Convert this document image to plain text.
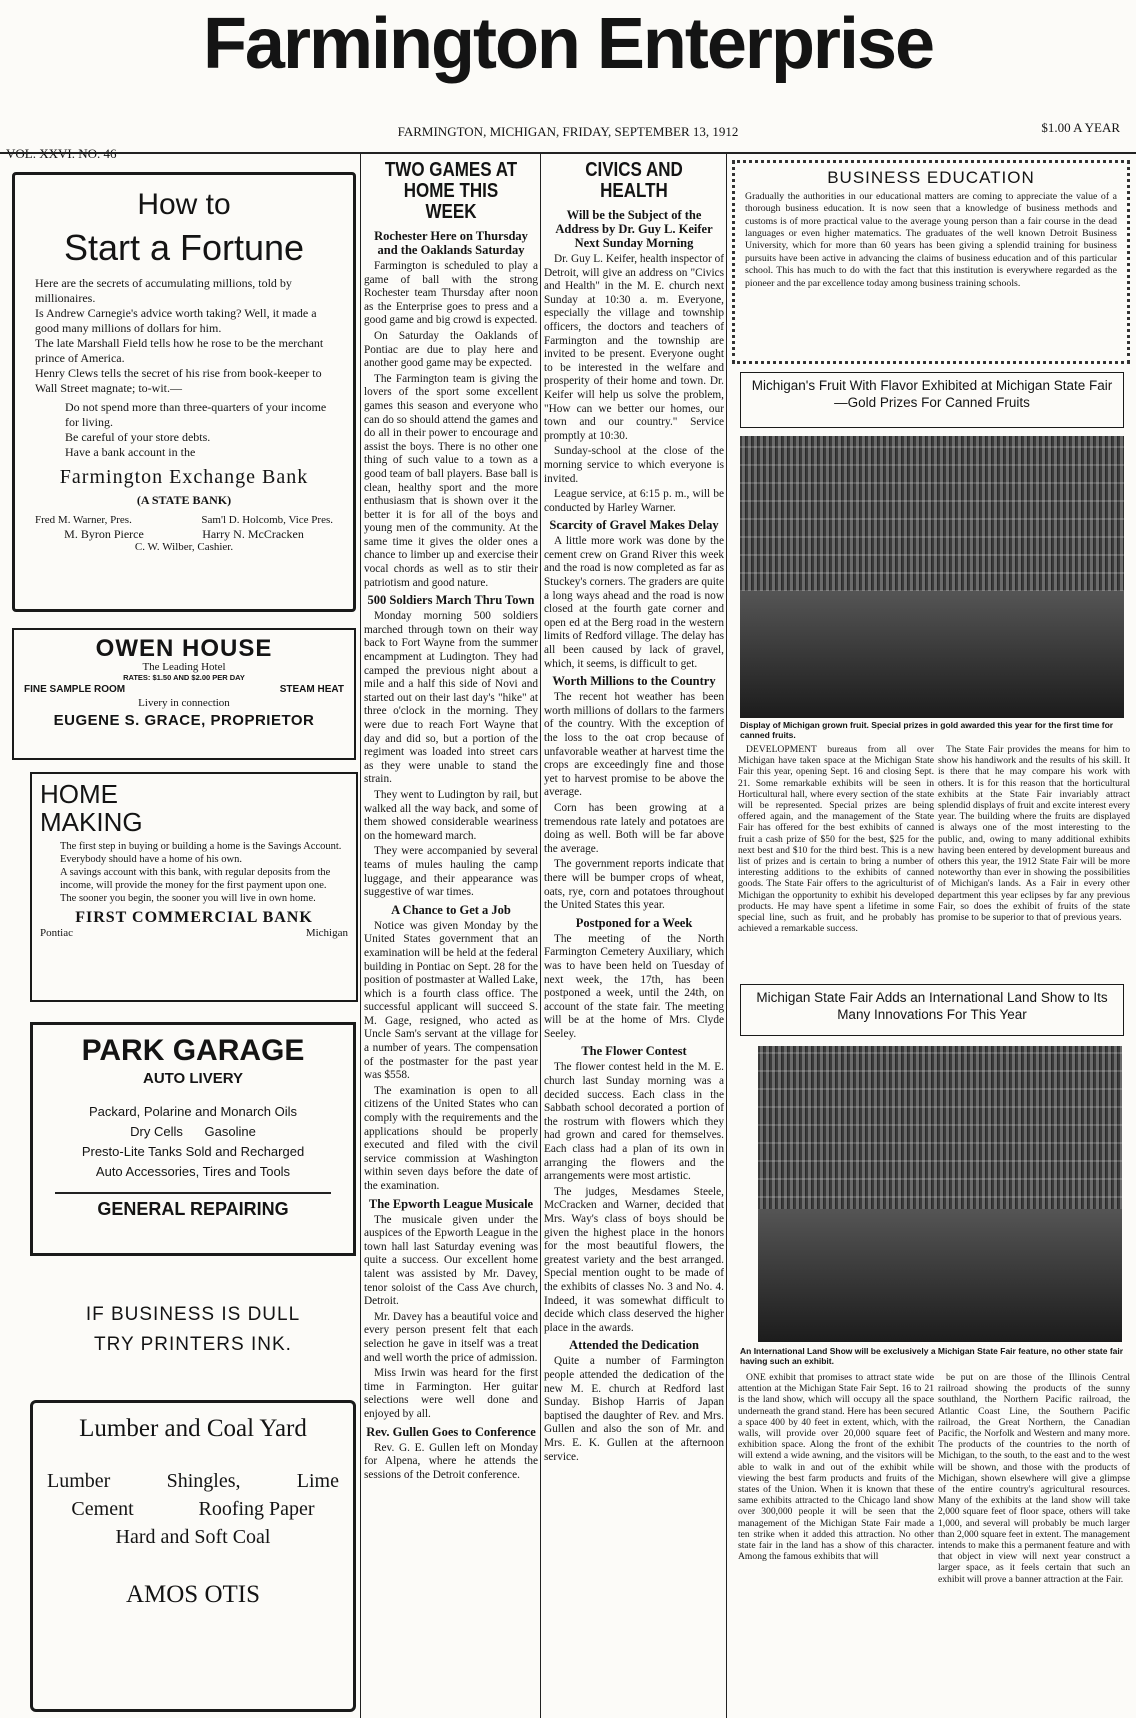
Farmington Enterprise
FARMINGTON, MICHIGAN, FRIDAY, SEPTEMBER 13, 1912	$1.00 A YEAR
How to
Start a Fortune

Here are the secrets of accumulating millions, told by millionaires.

Is Andrew Carnegie's advice worth taking? Well, it made a good many millions of dollars for him.

The late Marshall Field tells how he rose to be the merchant prince of America.

Henry Clews tells the secret of his rise from book-keeper to Wall Street magnate; to-wit.—

Do not spend more than three-quarters of your income for living.

Be careful of your store debts.

Have a bank account in the

Farmington Exchange Bank
(A STATE BANK)
Fred M. Warner, Pres.	Sam'l D. Holcomb, Vice Pres.
M. Byron Pierce	Harry N. McCracken
C. W. Wilber, Cashier.
OWEN HOUSE
The Leading Hotel
RATES: $1.50 AND $2.00 PER DAY
FINE SAMPLE ROOM	STEAM HEAT
Livery in connection
EUGENE S. GRACE, PROPRIETOR
HOME
MAKING

The first step in buying or building a home is the Savings Account.

Everybody should have a home of his own.

A savings account with this bank, with regular deposits from the income, will provide the money for the first payment upon one.

The sooner you begin, the sooner you will live in own home.

FIRST COMMERCIAL BANK
Pontiac	Michigan
PARK GARAGE
AUTO LIVERY
Packard, Polarine and Monarch Oils
Dry Cells      Gasoline
Presto-Lite Tanks Sold and Recharged
Auto Accessories, Tires and Tools
GENERAL REPAIRING
IF BUSINESS IS DULL
TRY PRINTERS INK.
Lumber and Coal Yard
Lumber	Shingles,	Lime
Cement	Roofing Paper
Hard and Soft Coal
AMOS OTIS
TWO GAMES AT
HOME THIS WEEK
Rochester Here on Thursday and the Oaklands Saturday

Farmington is scheduled to play a game of ball with the strong Rochester team Thursday after noon as the Enterprise goes to press and a good game and big crowd is expected.

On Saturday the Oaklands of Pontiac are due to play here and another good game may be expected.

The Farmington team is giving the lovers of the sport some excellent games this season and everyone who can do so should attend the games and do all in their power to encourage and assist the boys. There is no other one thing of such value to a town as a good team of ball players. Base ball is clean, healthy sport and the more enthusiasm that is shown over it the better it is for all of the boys and young men of the community. At the same time it gives the older ones a chance to limber up and exercise their vocal chords as well as to stir their patriotism and good nature.

500 Soldiers March Thru Town

Monday morning 500 soldiers marched through town on their way back to Fort Wayne from the summer encampment at Ludington. They had camped the previous night about a mile and a half this side of Novi and started out on their last day's "hike" at three o'clock in the morning. They were due to reach Fort Wayne that day and did so, but a portion of the regiment was loaded into street cars as they were unable to stand the strain.

They went to Ludington by rail, but walked all the way back, and some of them showed considerable weariness on the homeward march.

They were accompanied by several teams of mules hauling the camp luggage, and their appearance was suggestive of war times.

A Chance to Get a Job

Notice was given Monday by the United States government that an examination will be held at the federal building in Pontiac on Sept. 28 for the position of postmaster at Walled Lake, which is a fourth class office. The successful applicant will succeed S. M. Gage, resigned, who acted as Uncle Sam's servant at the village for a number of years. The compensation of the postmaster for the past year was $558.

The examination is open to all citizens of the United States who can comply with the requirements and the applications should be properly executed and filed with the civil service commission at Washington within seven days before the date of the examination.

The Epworth League Musicale

The musicale given under the auspices of the Epworth League in the town hall last Saturday evening was quite a success. Our excellent home talent was assisted by Mr. Davey, tenor soloist of the Cass Ave church, Detroit.

Mr. Davey has a beautiful voice and every person present felt that each selection he gave in itself was a treat and well worth the price of admission.

Miss Irwin was heard for the first time in Farmington. Her guitar selections were well done and enjoyed by all.

Rev. Gullen Goes to Conference

Rev. G. E. Gullen left on Monday for Alpena, where he attends the sessions of the Detroit conference.

CIVICS AND HEALTH
Will be the Subject of the Address by Dr. Guy L. Keifer Next Sunday Morning

Dr. Guy L. Keifer, health inspector of Detroit, will give an address on "Civics and Health" in the M. E. church next Sunday at 10:30 a. m. Everyone, especially the village and township officers, the doctors and teachers of Farmington and the township are invited to be present. Everyone ought to be interested in the welfare and prosperity of their home and town. Dr. Keifer will help us solve the problem, "How can we better our homes, our town and our country." Service promptly at 10:30.

Sunday-school at the close of the morning service to which everyone is invited.

League service, at 6:15 p. m., will be conducted by Harley Warner.

Scarcity of Gravel Makes Delay

A little more work was done by the cement crew on Grand River this week and the road is now completed as far as Stuckey's corners. The graders are quite a long ways ahead and the road is now closed at the fourth gate corner and open ed at the Berg road in the western limits of Redford village. The delay has all been caused by lack of gravel, which, it seems, is difficult to get.

Worth Millions to the Country

The recent hot weather has been worth millions of dollars to the farmers of the country. With the exception of the loss to the oat crop because of unfavorable weather at harvest time the crops are exceedingly fine and those yet to harvest promise to be above the average.

Corn has been growing at a tremendous rate lately and potatoes are doing as well. Both will be far above the average.

The government reports indicate that there will be bumper crops of wheat, oats, rye, corn and potatoes throughout the United States this year.

Postponed for a Week

The meeting of the North Farmington Cemetery Auxiliary, which was to have been held on Tuesday of next week, the 17th, has been postponed a week, until the 24th, on account of the state fair. The meeting will be at the home of Mrs. Clyde Seeley.

The Flower Contest

The flower contest held in the M. E. church last Sunday morning was a decided success. Each class in the Sabbath school decorated a portion of the rostrum with flowers which they had grown and cared for themselves. Each class had a plan of its own in arranging the flowers and the arrangements were most artistic.

The judges, Mesdames Steele, McCracken and Warner, decided that Mrs. Way's class of boys should be given the highest place in the honors for the most beautiful flowers, the greatest variety and the best arranged. Special mention ought to be made of the exhibits of classes No. 3 and No. 4. Indeed, it was somewhat difficult to decide which class deserved the higher place in the awards.

Attended the Dedication

Quite a number of Farmington people attended the dedication of the new M. E. church at Redford last Sunday. Bishop Harris of Japan baptised the daughter of Rev. and Mrs. Gullen and also the son of Mr. and Mrs. E. K. Gullen at the afternoon service.

BUSINESS EDUCATION
Gradually the authorities in our educational matters are coming to appreciate the value of a thorough business education. It is now seen that a knowledge of business methods and customs is of more practical value to the average young person than a fair course in the dead languages or even higher matematics. The graduates of the well known Detroit Business University, which for more than 60 years has been giving a splendid training for business pursuits have been active in advancing the claims of business education and of this particular school. This has much to do with the fact that this institution is everywhere regarded as the pioneer and the par excellence today among business training schools.
Michigan's Fruit With Flavor Exhibited at Michigan State Fair—Gold Prizes For Canned Fruits
Display of Michigan grown fruit. Special prizes in gold awarded this year for the first time for canned fruits.

DEVELOPMENT bureaus from all over Michigan have taken space at the Michigan State Fair this year, opening Sept. 16 and closing Sept. 21. Some remarkable exhibits will be seen in Horticultural hall, where every section of the state will be represented. Special prizes are being offered again, and the management of the State Fair has offered for the best exhibits of canned fruit a cash prize of $50 for the best, $25 for the next best and $10 for the third best. This is a new list of prizes and is certain to bring a number of interesting additions to the exhibits of canned goods. The State Fair offers to the agriculturist of Michigan the opportunity to exhibit his developed products. He may have spent a lifetime in some special line, such as fruit, and he probably has achieved a remarkable success.

The State Fair provides the means for him to show his handiwork and the results of his skill. It is there that he may compare his work with others. It is for this reason that the horticultural exhibits at the State Fair invariably attract splendid displays of fruit and excite interest every year. The building where the fruits are displayed is always one of the most interesting to the public, and, owing to many additional exhibits having been entered by development bureaus and others this year, the 1912 State Fair will be more noteworthy than ever in showing the possibilities of Michigan's lands. As a Fair in every other department this year eclipses by far any previous Fair, so does the exhibit of fruits of the state promise to be superior to that of previous years.

Michigan State Fair Adds an International Land Show to Its Many Innovations For This Year
An International Land Show will be exclusively a Michigan State Fair feature, no other state fair having such an exhibit.

ONE exhibit that promises to attract state wide attention at the Michigan State Fair Sept. 16 to 21 is the land show, which will occupy all the space underneath the grand stand. Here has been secured a space 400 by 40 feet in extent, which, with the walls, will provide over 20,000 square feet of exhibition space. Along the front of the exhibit will extend a wide awning, and the visitors will be able to walk in and out of the exhibit while viewing the best farm products and fruits of the states of the Union. When it is known that these same exhibits attracted to the Chicago land show over 300,000 people it will be seen that the management of the Michigan State Fair made a ten strike when it added this attraction. No other state fair in the land has a show of this character. Among the famous exhibits that will

be put on are those of the Illinois Central railroad showing the products of the sunny southland, the Northern Pacific railroad, the Atlantic Coast Line, the Southern Pacific railroad, the Great Northern, the Canadian Pacific, the Norfolk and Western and many more. The products of the countries to the north of Michigan, to the south, to the east and to the west will be shown, and those with the products of Michigan, shown elsewhere will give a glimpse of the entire country's agricultural resources. Many of the exhibits at the land show will take 2,000 square feet of floor space, others will take 1,000, and several will probably be much larger than 2,000 square feet in extent. The management intends to make this a permanent feature and with that object in view will next year construct a larger space, as it feels certain that such an exhibit will prove a banner attraction at the Fair.
